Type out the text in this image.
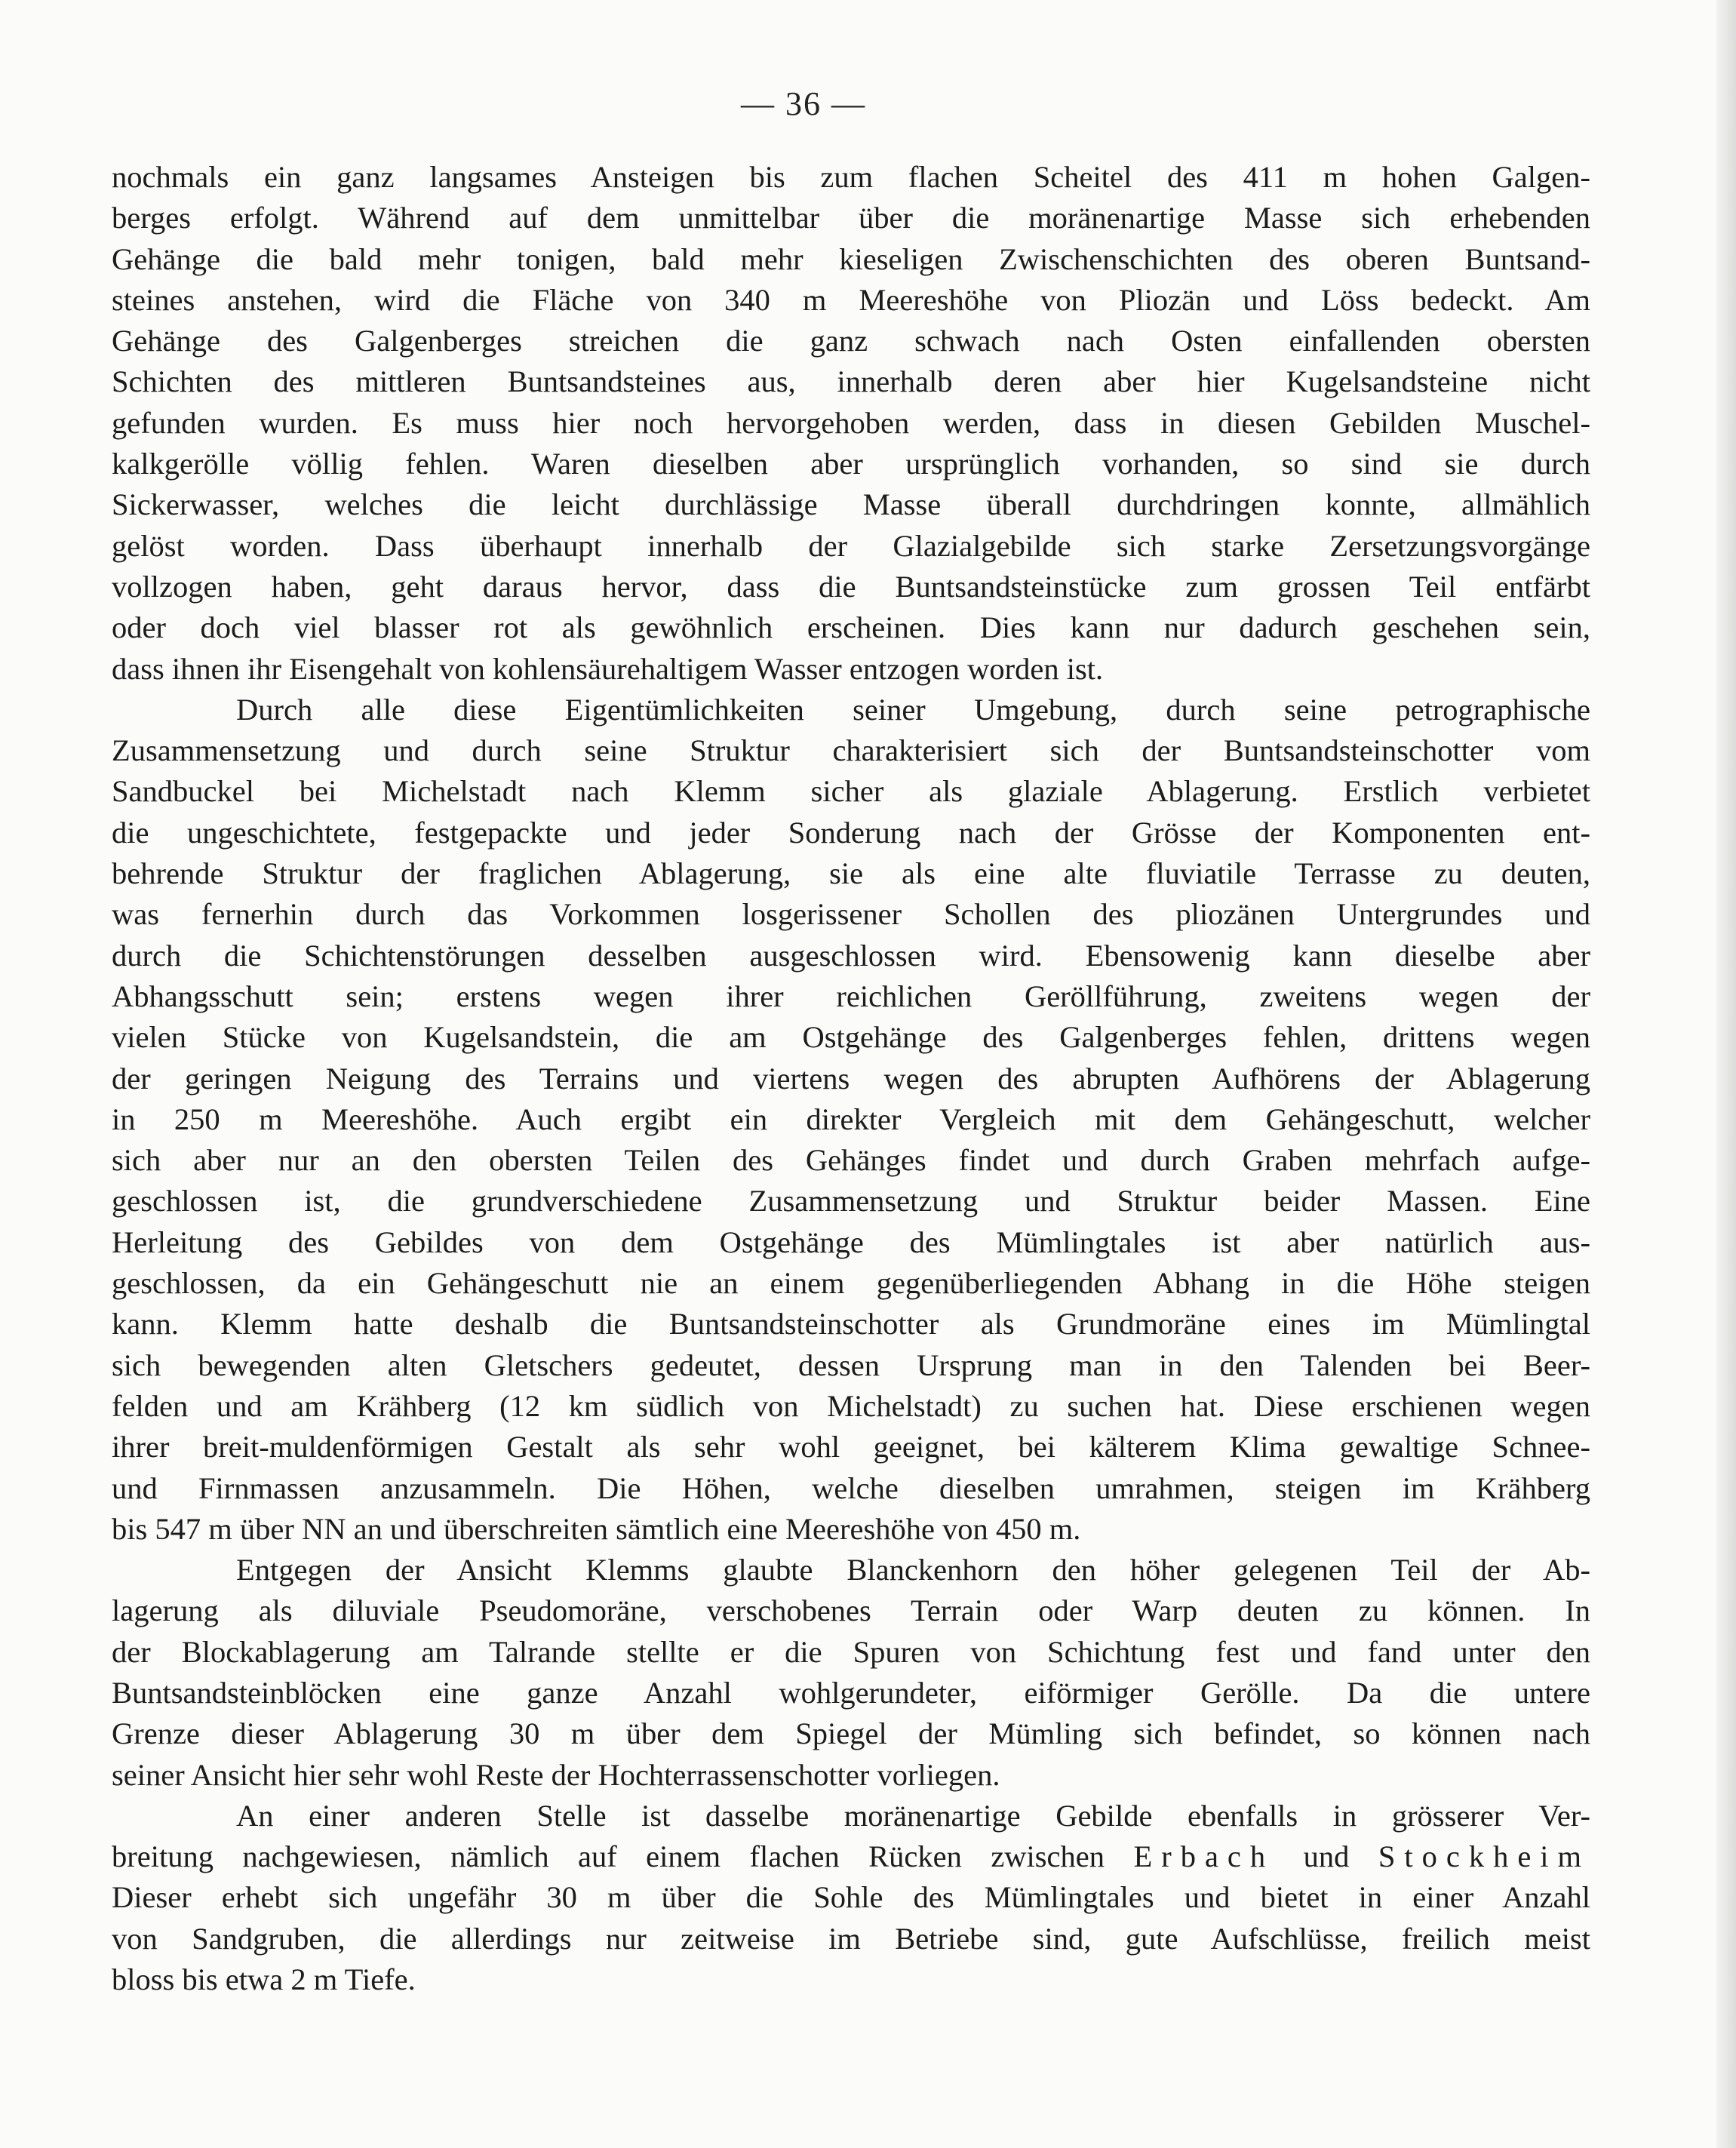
— 36 —
nochmals ein ganz langsames Ansteigen bis zum flachen Scheitel des 411 m hohen Galgen-
berges erfolgt. Während auf dem unmittelbar über die moränenartige Masse sich erhebenden
Gehänge die bald mehr tonigen, bald mehr kieseligen Zwischenschichten des oberen Buntsand-
steines anstehen, wird die Fläche von 340 m Meereshöhe von Pliozän und Löss bedeckt. Am
Gehänge des Galgenberges streichen die ganz schwach nach Osten einfallenden obersten
Schichten des mittleren Buntsandsteines aus, innerhalb deren aber hier Kugelsandsteine nicht
gefunden wurden. Es muss hier noch hervorgehoben werden, dass in diesen Gebilden Muschel-
kalkgerölle völlig fehlen. Waren dieselben aber ursprünglich vorhanden, so sind sie durch
Sickerwasser, welches die leicht durchlässige Masse überall durchdringen konnte, allmählich
gelöst worden. Dass überhaupt innerhalb der Glazialgebilde sich starke Zersetzungsvorgänge
vollzogen haben, geht daraus hervor, dass die Buntsandsteinstücke zum grossen Teil entfärbt
oder doch viel blasser rot als gewöhnlich erscheinen. Dies kann nur dadurch geschehen sein,
dass ihnen ihr Eisengehalt von kohlensäurehaltigem Wasser entzogen worden ist.
Durch alle diese Eigentümlichkeiten seiner Umgebung, durch seine petrographische
Zusammensetzung und durch seine Struktur charakterisiert sich der Buntsandsteinschotter vom
Sandbuckel bei Michelstadt nach Klemm sicher als glaziale Ablagerung. Erstlich verbietet
die ungeschichtete, festgepackte und jeder Sonderung nach der Grösse der Komponenten ent-
behrende Struktur der fraglichen Ablagerung, sie als eine alte fluviatile Terrasse zu deuten,
was fernerhin durch das Vorkommen losgerissener Schollen des pliozänen Untergrundes und
durch die Schichtenstörungen desselben ausgeschlossen wird. Ebensowenig kann dieselbe aber
Abhangsschutt sein; erstens wegen ihrer reichlichen Geröllführung, zweitens wegen der
vielen Stücke von Kugelsandstein, die am Ostgehänge des Galgenberges fehlen, drittens wegen
der geringen Neigung des Terrains und viertens wegen des abrupten Aufhörens der Ablagerung
in 250 m Meereshöhe. Auch ergibt ein direkter Vergleich mit dem Gehängeschutt, welcher
sich aber nur an den obersten Teilen des Gehänges findet und durch Graben mehrfach aufge-
geschlossen ist, die grundverschiedene Zusammensetzung und Struktur beider Massen. Eine
Herleitung des Gebildes von dem Ostgehänge des Mümlingtales ist aber natürlich aus-
geschlossen, da ein Gehängeschutt nie an einem gegenüberliegenden Abhang in die Höhe steigen
kann. Klemm hatte deshalb die Buntsandsteinschotter als Grundmoräne eines im Mümlingtal
sich bewegenden alten Gletschers gedeutet, dessen Ursprung man in den Talenden bei Beer-
felden und am Krähberg (12 km südlich von Michelstadt) zu suchen hat. Diese erschienen wegen
ihrer breit-muldenförmigen Gestalt als sehr wohl geeignet, bei kälterem Klima gewaltige Schnee-
und Firnmassen anzusammeln. Die Höhen, welche dieselben umrahmen, steigen im Krähberg
bis 547 m über NN an und überschreiten sämtlich eine Meereshöhe von 450 m.
Entgegen der Ansicht Klemms glaubte Blanckenhorn den höher gelegenen Teil der Ab-
lagerung als diluviale Pseudomoräne, verschobenes Terrain oder Warp deuten zu können. In
der Blockablagerung am Talrande stellte er die Spuren von Schichtung fest und fand unter den
Buntsandsteinblöcken eine ganze Anzahl wohlgerundeter, eiförmiger Gerölle. Da die untere
Grenze dieser Ablagerung 30 m über dem Spiegel der Mümling sich befindet, so können nach
seiner Ansicht hier sehr wohl Reste der Hochterrassenschotter vorliegen.
An einer anderen Stelle ist dasselbe moränenartige Gebilde ebenfalls in grösserer Ver-
breitung nachgewiesen, nämlich auf einem flachen Rücken zwischen Erbach und Stockheim
Dieser erhebt sich ungefähr 30 m über die Sohle des Mümlingtales und bietet in einer Anzahl
von Sandgruben, die allerdings nur zeitweise im Betriebe sind, gute Aufschlüsse, freilich meist
bloss bis etwa 2 m Tiefe.
